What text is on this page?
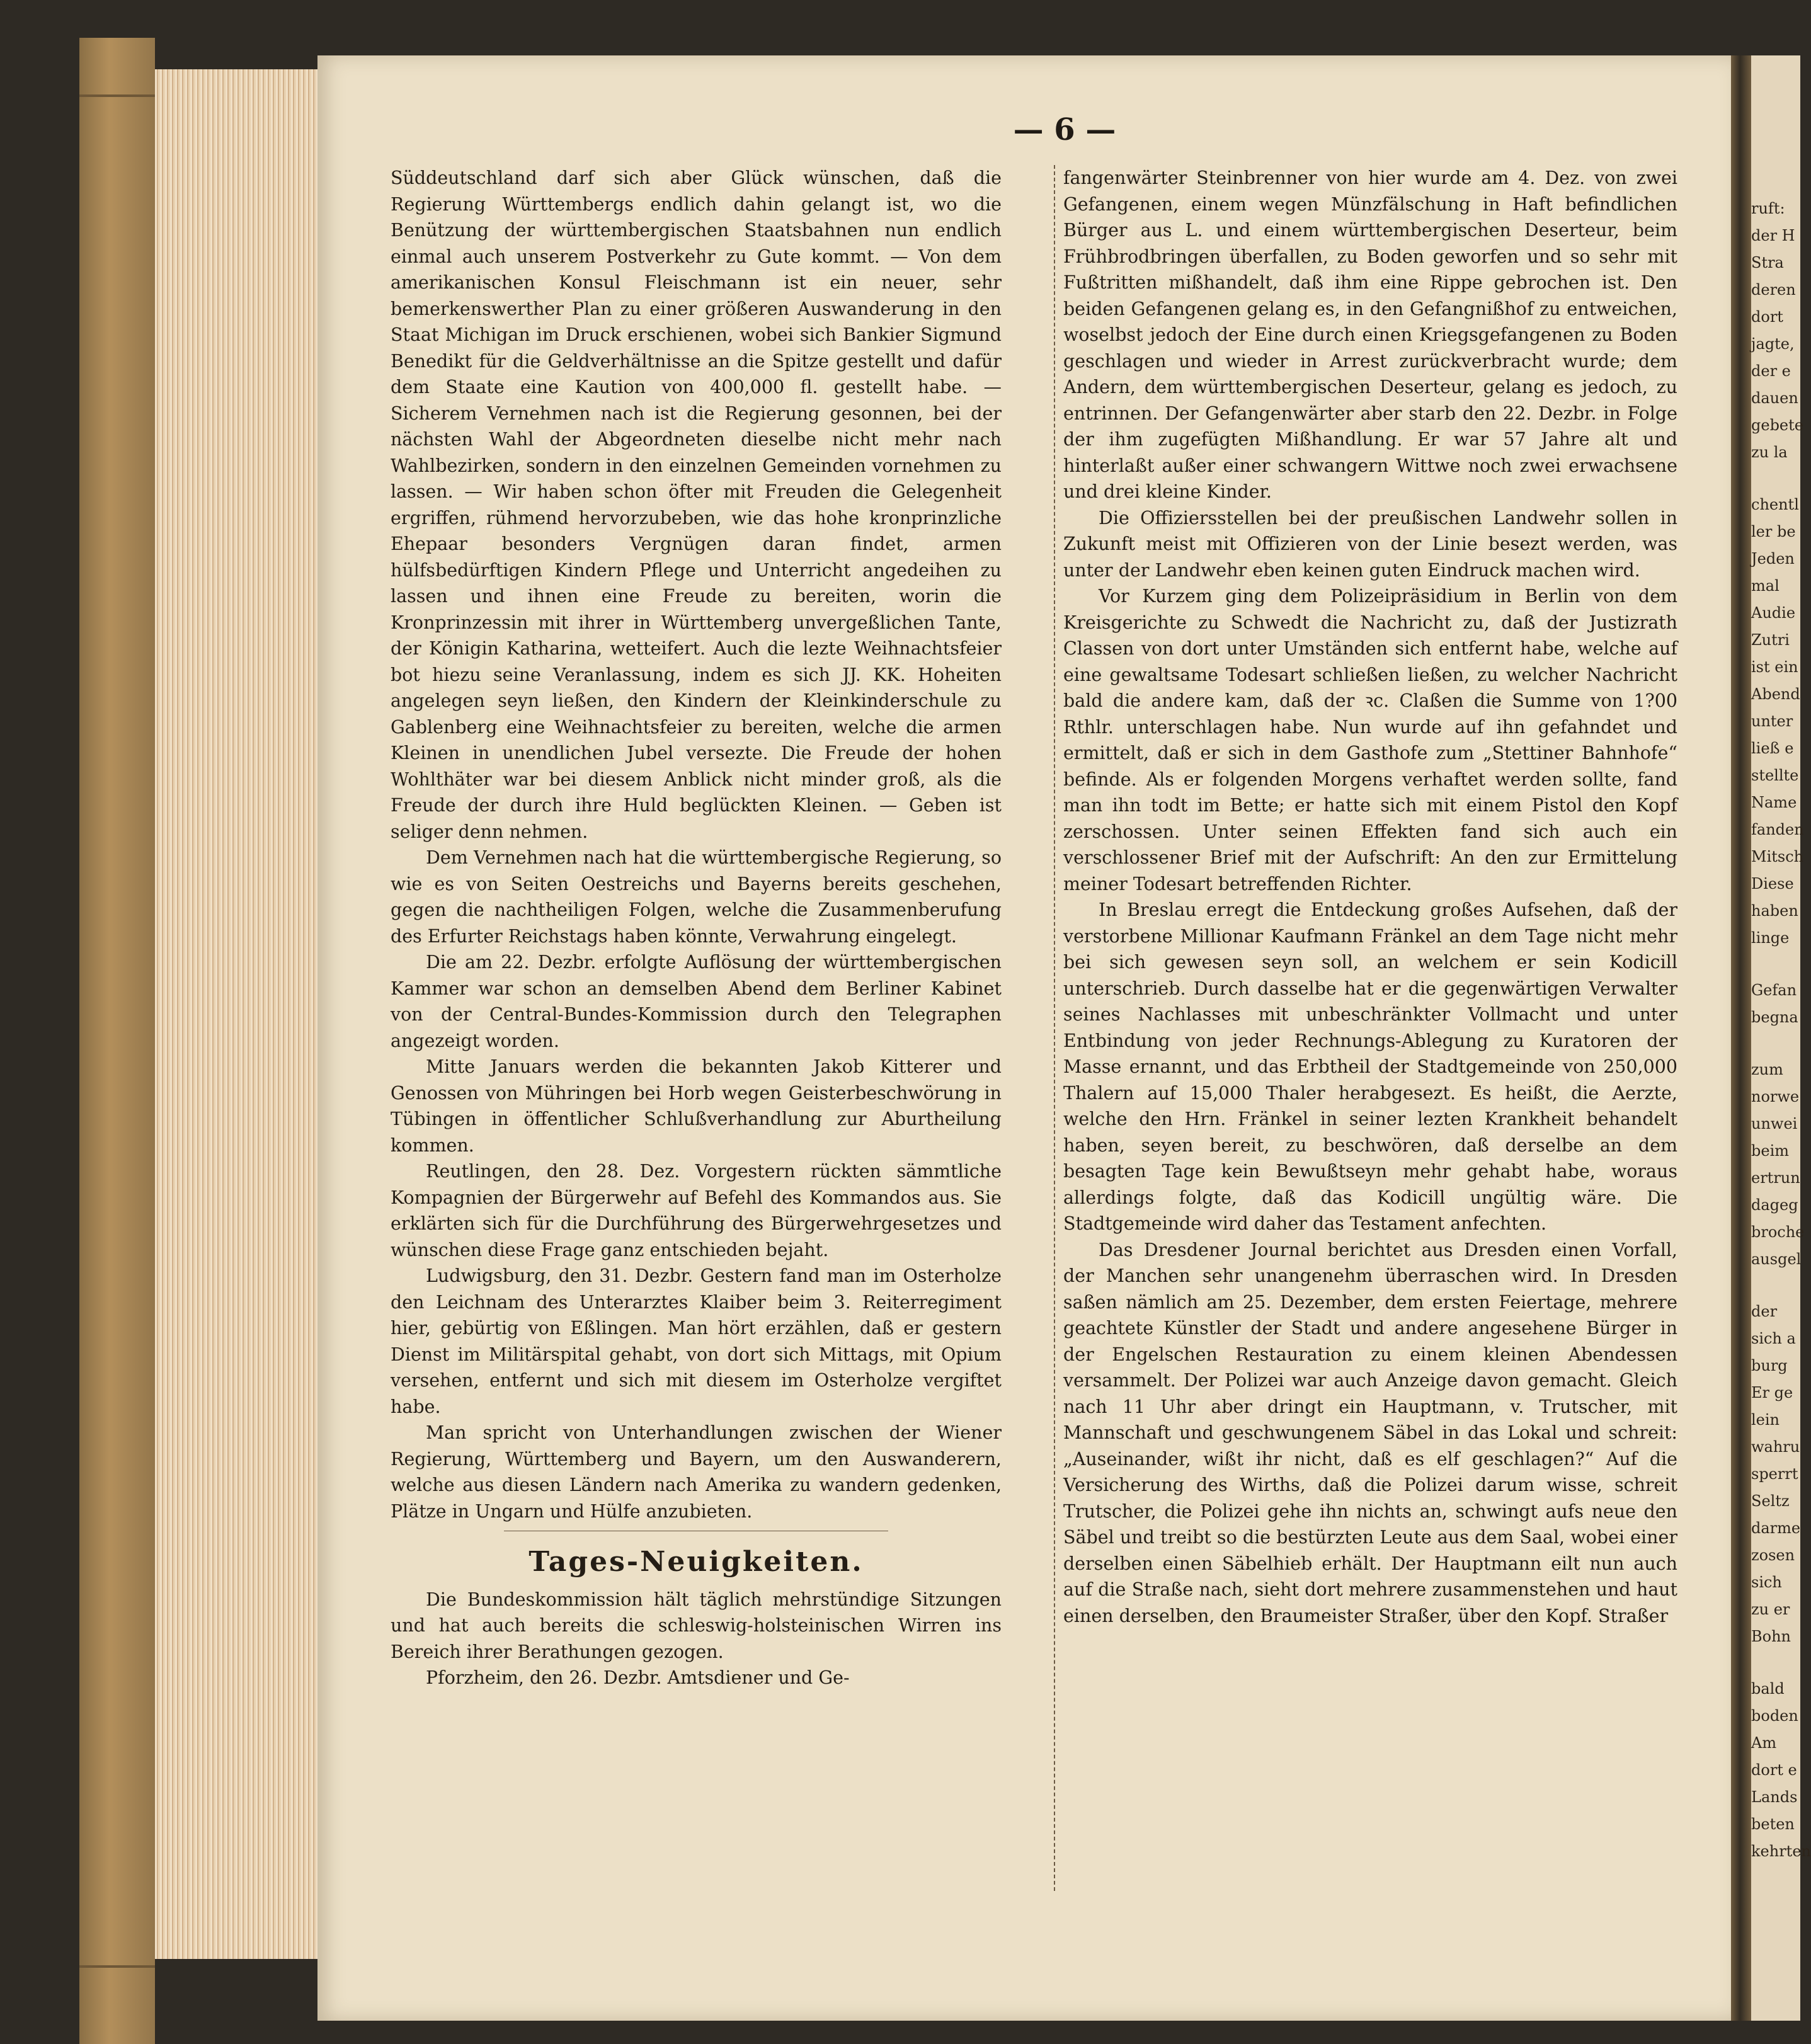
ruft:
der H
Stra
deren
dort
jagte,
der e
dauen
gebete
zu la
chentl
ler be
Jeden
mal
Audie
Zutri
ist ein
Abend
unter
ließ e
stellte
Name
fanden
Mitsch
Diese
haben
linge
Gefan
begna
zum
norwe
unwei
beim
ertrun
dageg
broche
ausgel
der
sich a
burg
Er ge
lein
wahru
sperrt
Seltz
darme
zosen
sich
zu er
Bohn
bald
boden
Am
dort e
Lands
beten
kehrten
— 6 —

Süddeutschland darf sich aber Glück wünschen, daß die Regierung Württembergs endlich dahin gelangt ist, wo die Benützung der württembergischen Staatsbahnen nun endlich einmal auch unserem Postverkehr zu Gute kommt. — Von dem amerikanischen Konsul Fleischmann ist ein neuer, sehr bemerkenswerther Plan zu einer größeren Auswanderung in den Staat Michigan im Druck erschienen, wobei sich Bankier Sigmund Benedikt für die Geldverhältnisse an die Spitze gestellt und dafür dem Staate eine Kaution von 400,000 fl. gestellt habe. — Sicherem Vernehmen nach ist die Regierung gesonnen, bei der nächsten Wahl der Abgeordneten dieselbe nicht mehr nach Wahlbezirken, sondern in den einzelnen Gemeinden vornehmen zu lassen. — Wir haben schon öfter mit Freuden die Gelegenheit ergriffen, rühmend hervorzubeben, wie das hohe kronprinzliche Ehepaar besonders Vergnügen daran findet, armen hülfsbedürftigen Kindern Pflege und Unterricht angedeihen zu lassen und ihnen eine Freude zu bereiten, worin die Kronprinzessin mit ihrer in Württemberg unvergeßlichen Tante, der Königin Katharina, wetteifert. Auch die lezte Weihnachtsfeier bot hiezu seine Veranlassung, indem es sich JJ. KK. Hoheiten angelegen seyn ließen, den Kindern der Kleinkinderschule zu Gablenberg eine Weihnachtsfeier zu bereiten, welche die armen Kleinen in unendlichen Jubel versezte. Die Freude der hohen Wohlthäter war bei diesem Anblick nicht minder groß, als die Freude der durch ihre Huld beglückten Kleinen. — Geben ist seliger denn nehmen.

Dem Vernehmen nach hat die württembergische Regierung, so wie es von Seiten Oestreichs und Bayerns bereits geschehen, gegen die nachtheiligen Folgen, welche die Zusammenberufung des Erfurter Reichstags haben könnte, Verwahrung eingelegt.

Die am 22. Dezbr. erfolgte Auflösung der württembergischen Kammer war schon an demselben Abend dem Berliner Kabinet von der Central-Bundes-Kommission durch den Telegraphen angezeigt worden.

Mitte Januars werden die bekannten Jakob Kitterer und Genossen von Mühringen bei Horb wegen Geisterbeschwörung in Tübingen in öffentlicher Schlußverhandlung zur Aburtheilung kommen.

Reutlingen, den 28. Dez. Vorgestern rückten sämmtliche Kompagnien der Bürgerwehr auf Befehl des Kommandos aus. Sie erklärten sich für die Durchführung des Bürgerwehrgesetzes und wünschen diese Frage ganz entschieden bejaht.

Ludwigsburg, den 31. Dezbr. Gestern fand man im Osterholze den Leichnam des Unterarztes Klaiber beim 3. Reiterregiment hier, gebürtig von Eßlingen. Man hört erzählen, daß er gestern Dienst im Militärspital gehabt, von dort sich Mittags, mit Opium versehen, entfernt und sich mit diesem im Osterholze vergiftet habe.

Man spricht von Unterhandlungen zwischen der Wiener Regierung, Württemberg und Bayern, um den Auswanderern, welche aus diesen Ländern nach Amerika zu wandern gedenken, Plätze in Ungarn und Hülfe anzubieten.

Tages-Neuigkeiten.

Die Bundeskommission hält täglich mehrstündige Sitzungen und hat auch bereits die schleswig-holsteinischen Wirren ins Bereich ihrer Berathungen gezogen.

Pforzheim, den 26. Dezbr. Amtsdiener und Ge-

fangenwärter Steinbrenner von hier wurde am 4. Dez. von zwei Gefangenen, einem wegen Münzfälschung in Haft befindlichen Bürger aus L. und einem württembergischen Deserteur, beim Frühbrodbringen überfallen, zu Boden geworfen und so sehr mit Fußtritten mißhandelt, daß ihm eine Rippe gebrochen ist. Den beiden Gefangenen gelang es, in den Gefangnißhof zu entweichen, woselbst jedoch der Eine durch einen Kriegsgefangenen zu Boden geschlagen und wieder in Arrest zurückverbracht wurde; dem Andern, dem württembergischen Deserteur, gelang es jedoch, zu entrinnen. Der Gefangenwärter aber starb den 22. Dezbr. in Folge der ihm zugefügten Mißhandlung. Er war 57 Jahre alt und hinterlaßt außer einer schwangern Wittwe noch zwei erwachsene und drei kleine Kinder.

Die Offiziersstellen bei der preußischen Landwehr sollen in Zukunft meist mit Offizieren von der Linie besezt werden, was unter der Landwehr eben keinen guten Eindruck machen wird.

Vor Kurzem ging dem Polizeipräsidium in Berlin von dem Kreisgerichte zu Schwedt die Nachricht zu, daß der Justizrath Classen von dort unter Umständen sich entfernt habe, welche auf eine gewaltsame Todesart schließen ließen, zu welcher Nachricht bald die andere kam, daß der ꝛc. Claßen die Summe von 1?00 Rthlr. unterschlagen habe. Nun wurde auf ihn gefahndet und ermittelt, daß er sich in dem Gasthofe zum „Stettiner Bahnhofe“ befinde. Als er folgenden Morgens verhaftet werden sollte, fand man ihn todt im Bette; er hatte sich mit einem Pistol den Kopf zerschossen. Unter seinen Effekten fand sich auch ein verschlossener Brief mit der Aufschrift: An den zur Ermittelung meiner Todesart betreffenden Richter.

In Breslau erregt die Entdeckung großes Aufsehen, daß der verstorbene Millionar Kaufmann Fränkel an dem Tage nicht mehr bei sich gewesen seyn soll, an welchem er sein Kodicill unterschrieb. Durch dasselbe hat er die gegenwärtigen Verwalter seines Nachlasses mit unbeschränkter Vollmacht und unter Entbindung von jeder Rechnungs-Ablegung zu Kuratoren der Masse ernannt, und das Erbtheil der Stadtgemeinde von 250,000 Thalern auf 15,000 Thaler herabgesezt. Es heißt, die Aerzte, welche den Hrn. Fränkel in seiner lezten Krankheit behandelt haben, seyen bereit, zu beschwören, daß derselbe an dem besagten Tage kein Bewußtseyn mehr gehabt habe, woraus allerdings folgte, daß das Kodicill ungültig wäre. Die Stadtgemeinde wird daher das Testament anfechten.

Das Dresdener Journal berichtet aus Dresden einen Vorfall, der Manchen sehr unangenehm überraschen wird. In Dresden saßen nämlich am 25. Dezember, dem ersten Feiertage, mehrere geachtete Künstler der Stadt und andere angesehene Bürger in der Engelschen Restauration zu einem kleinen Abendessen versammelt. Der Polizei war auch Anzeige davon gemacht. Gleich nach 11 Uhr aber dringt ein Hauptmann, v. Trutscher, mit Mannschaft und geschwungenem Säbel in das Lokal und schreit: „Auseinander, wißt ihr nicht, daß es elf geschlagen?“ Auf die Versicherung des Wirths, daß die Polizei darum wisse, schreit Trutscher, die Polizei gehe ihn nichts an, schwingt aufs neue den Säbel und treibt so die bestürzten Leute aus dem Saal, wobei einer derselben einen Säbelhieb erhält. Der Hauptmann eilt nun auch auf die Straße nach, sieht dort mehrere zusammenstehen und haut einen derselben, den Braumeister Straßer, über den Kopf. Straßer
